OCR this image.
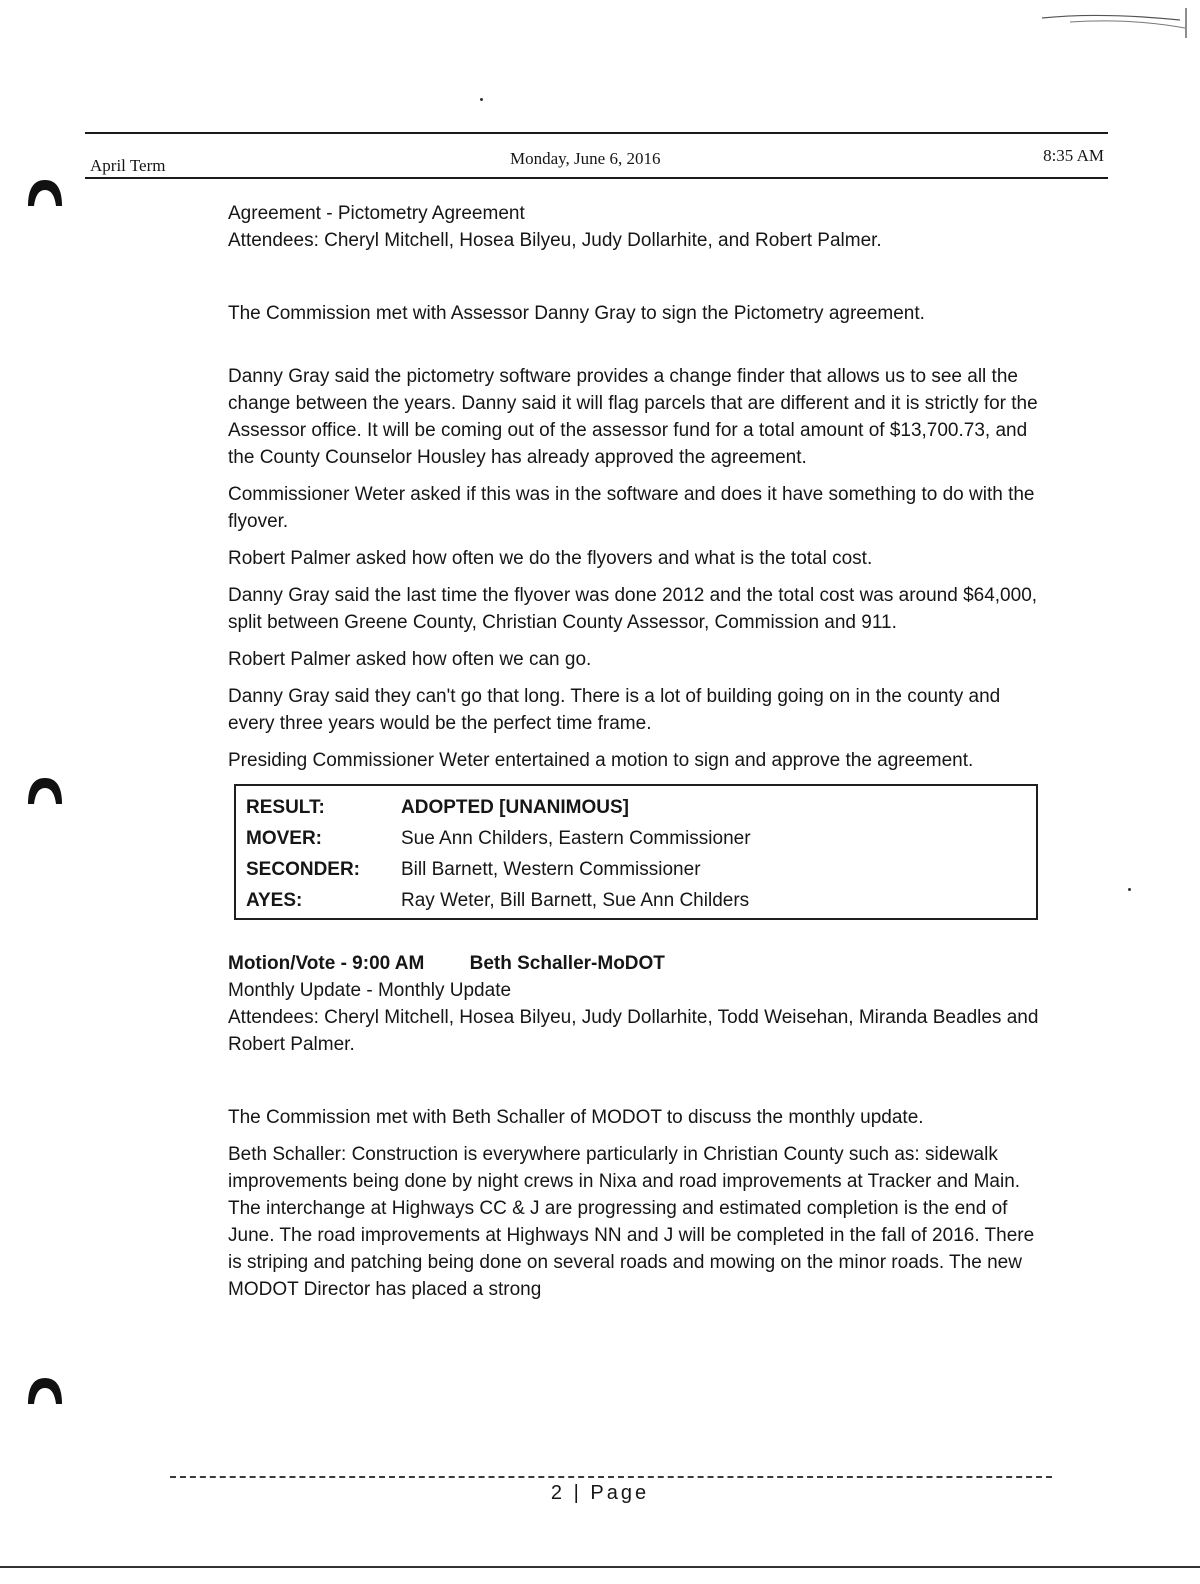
April Term	Monday, June 6, 2016	8:35 AM

Agreement - Pictometry Agreement

Attendees: Cheryl Mitchell, Hosea Bilyeu, Judy Dollarhite, and Robert Palmer.

The Commission met with Assessor Danny Gray to sign the Pictometry agreement.

Danny Gray said the pictometry software provides a change finder that allows us to see all the change between the years. Danny said it will flag parcels that are different and it is strictly for the Assessor office. It will be coming out of the assessor fund for a total amount of $13,700.73, and the County Counselor Housley has already approved the agreement.

Commissioner Weter asked if this was in the software and does it have something to do with the flyover.

Robert Palmer asked how often we do the flyovers and what is the total cost.

Danny Gray said the last time the flyover was done 2012 and the total cost was around $64,000, split between Greene County, Christian County Assessor, Commission and 911.

Robert Palmer asked how often we can go.

Danny Gray said they can't go that long. There is a lot of building going on in the county and every three years would be the perfect time frame.

Presiding Commissioner Weter entertained a motion to sign and approve the agreement.

RESULT:	ADOPTED [UNANIMOUS]
MOVER:	Sue Ann Childers, Eastern Commissioner
SECONDER:	Bill Barnett, Western Commissioner
AYES:	Ray Weter, Bill Barnett, Sue Ann Childers

Motion/Vote - 9:00 AM Beth Schaller-MoDOT

Monthly Update - Monthly Update

Attendees: Cheryl Mitchell, Hosea Bilyeu, Judy Dollarhite, Todd Weisehan, Miranda Beadles and Robert Palmer.

The Commission met with Beth Schaller of MODOT to discuss the monthly update.

Beth Schaller: Construction is everywhere particularly in Christian County such as: sidewalk improvements being done by night crews in Nixa and road improvements at Tracker and Main. The interchange at Highways CC & J are progressing and estimated completion is the end of June. The road improvements at Highways NN and J will be completed in the fall of 2016. There is striping and patching being done on several roads and mowing on the minor roads. The new MODOT Director has placed a strong

2 | Page
